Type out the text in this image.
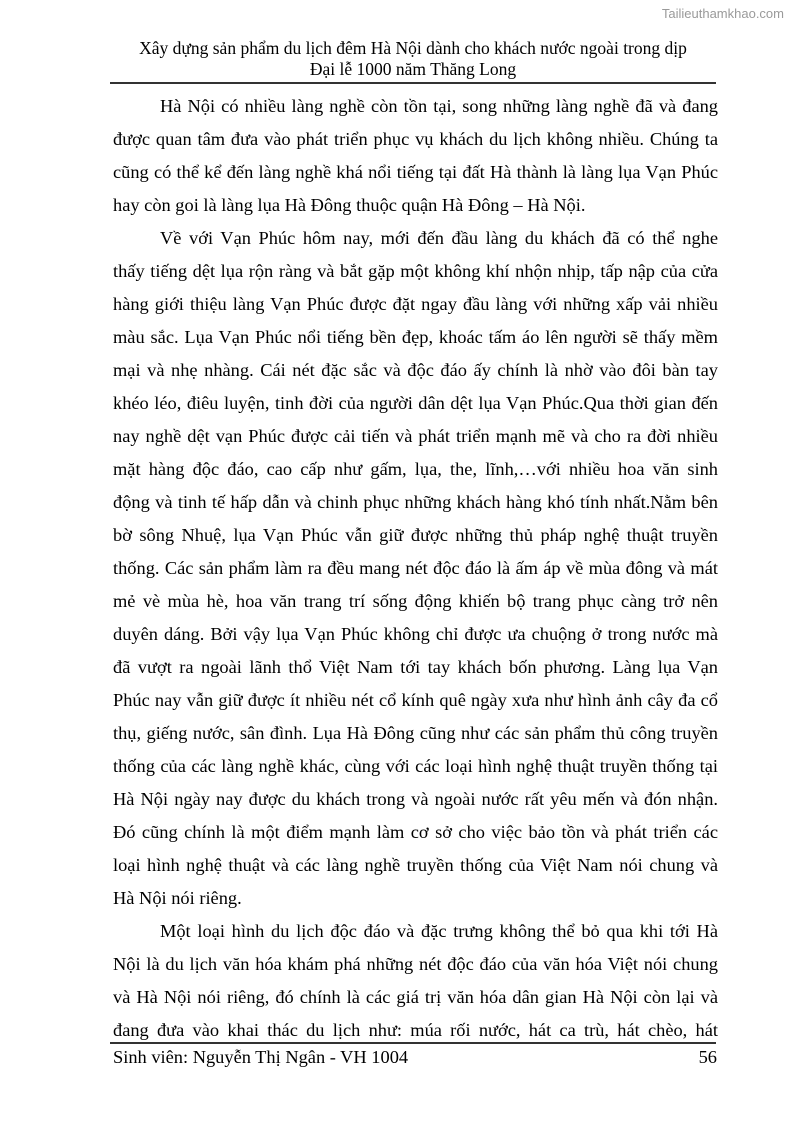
Tailieuthamkhao.com
Xây dựng sản phẩm du lịch đêm Hà Nội dành cho khách nước ngoài trong dịp
Đại lễ 1000 năm Thăng Long
Hà Nội có nhiều làng nghề còn tồn tại, song những làng nghề đã và đang
được quan tâm đưa vào phát triển phục vụ khách du lịch không nhiều. Chúng ta
cũng có thể kể đến làng nghề khá nổi tiếng tại đất Hà thành là làng lụa Vạn Phúc
hay còn goi là làng lụa Hà Đông thuộc quận Hà Đông – Hà Nội.
Về với Vạn Phúc hôm nay, mới đến đầu làng du khách đã có thể nghe
thấy tiếng dệt lụa rộn ràng và bắt gặp một không khí nhộn nhịp, tấp nập của cửa
hàng giới thiệu làng Vạn Phúc được đặt ngay đầu làng với những xấp vải nhiều
màu sắc. Lụa Vạn Phúc nổi tiếng bền đẹp, khoác tấm áo lên người sẽ thấy mềm
mại và nhẹ nhàng. Cái nét đặc sắc và độc đáo ấy chính là nhờ vào đôi bàn tay
khéo léo, điêu luyện, tinh đời của người dân dệt lụa Vạn Phúc.Qua thời gian đến
nay nghề dệt vạn Phúc được cải tiến và phát triển mạnh mẽ và cho ra đời nhiều
mặt hàng độc đáo, cao cấp như gấm, lụa, the, lĩnh,…với nhiều hoa văn sinh
động và tinh tế hấp dẫn và chinh phục những khách hàng khó tính nhất.Nằm bên
bờ sông Nhuệ, lụa Vạn Phúc vẫn giữ được những thủ pháp nghệ thuật truyền
thống. Các sản phẩm làm ra đều mang nét độc đáo là ấm áp về mùa đông và mát
mẻ vè mùa hè, hoa văn trang trí sống động khiến bộ trang phục càng trở nên
duyên dáng. Bởi vậy lụa Vạn Phúc không chỉ được ưa chuộng ở trong nước mà
đã vượt ra ngoài lãnh thổ Việt Nam tới tay khách bốn phương. Làng lụa Vạn
Phúc nay vẫn giữ được ít nhiều nét cổ kính quê ngày xưa như hình ảnh cây đa cổ
thụ, giếng nước, sân đình. Lụa Hà Đông cũng như các sản phẩm thủ công truyền
thống của các làng nghề khác, cùng với các loại hình nghệ thuật truyền thống tại
Hà Nội ngày nay được du khách trong và ngoài nước rất yêu mến và đón nhận.
Đó cũng chính là một điểm mạnh làm cơ sở cho việc bảo tồn và phát triển các
loại hình nghệ thuật và các làng nghề truyền thống của Việt Nam nói chung và
Hà Nội nói riêng.
Một loại hình du lịch độc đáo và đặc trưng không thể bỏ qua khi tới Hà
Nội là du lịch văn hóa khám phá những nét độc đáo của văn hóa Việt nói chung
và Hà Nội nói riêng, đó chính là các giá trị văn hóa dân gian Hà Nội còn lại và
đang đưa vào khai thác du lịch như: múa rối nước, hát ca trù, hát chèo, hát
Sinh viên: Nguyễn Thị Ngân - VH 1004	56
